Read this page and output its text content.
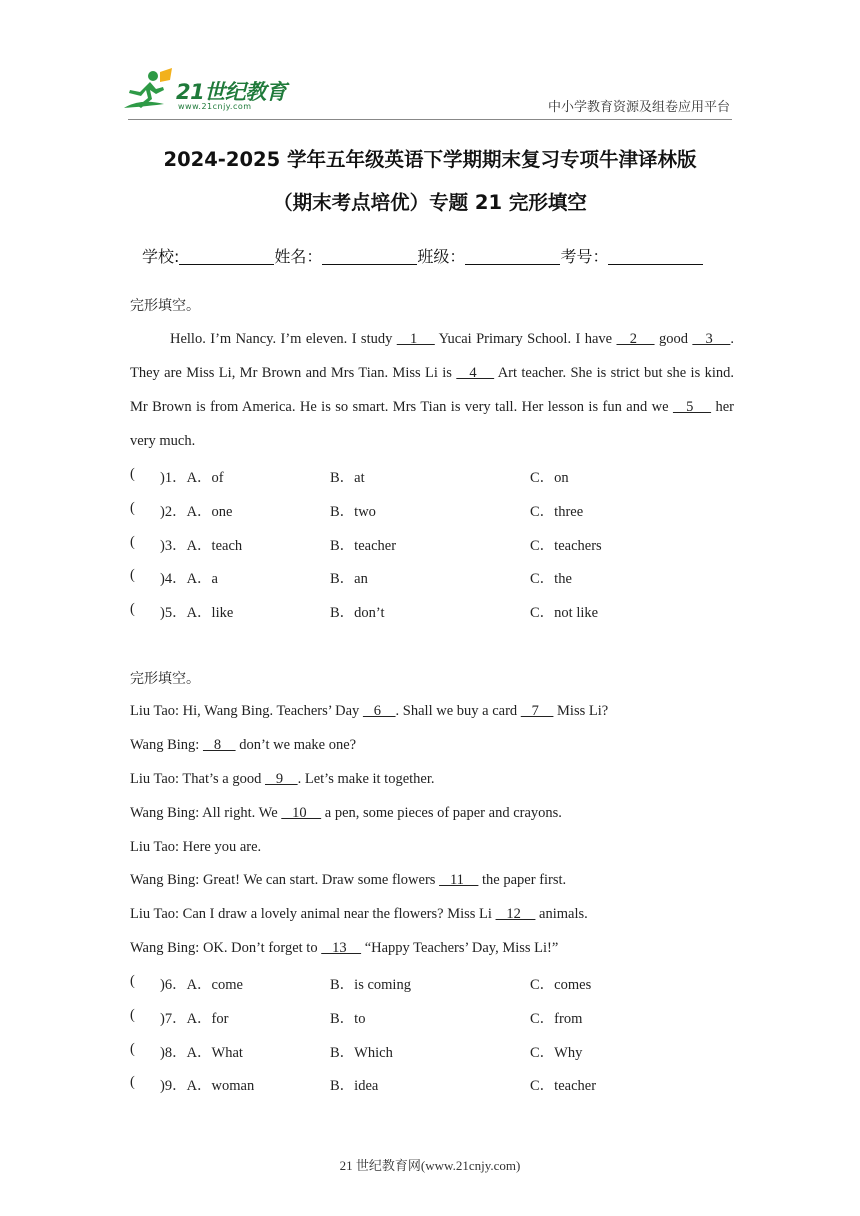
21世纪教育
www.21cnjy.com	中小学教育资源及组卷应用平台
2024-2025 学年五年级英语下学期期末复习专项牛津译林版
（期末考点培优）专题 21 完形填空
学校:	姓名：	班级：	考号：
完形填空。
Hello. I’m Nancy. I’m eleven. I study    1     Yucai Primary School. I have    2     good    3    . They are Miss Li, Mr Brown and Mrs Tian. Miss Li is    4     Art teacher. She is strict but she is kind. Mr Brown is from America. He is so smart. Mrs Tian is very tall. Her lesson is fun and we    5     her very much.
( )1．A．of	B．at	C．on
( )2．A．one	B．two	C．three
( )3．A．teach	B．teacher	C．teachers
( )4．A．a	B．an	C．the
( )5．A．like	B．don’t	C．not like
完形填空。
Liu Tao: Hi, Wang Bing. Teachers’ Day    6    . Shall we buy a card    7     Miss Li?
Wang Bing:    8     don’t we make one?
Liu Tao: That’s a good    9    . Let’s make it together.
Wang Bing: All right. We    10     a pen, some pieces of paper and crayons.
Liu Tao: Here you are.
Wang Bing: Great! We can start. Draw some flowers    11     the paper first.
Liu Tao: Can I draw a lovely animal near the flowers? Miss Li    12     animals.
Wang Bing: OK. Don’t forget to    13     “Happy Teachers’ Day, Miss Li!”
( )6．A．come	B．is coming	C．comes
( )7．A．for	B．to	C．from
( )8．A．What	B．Which	C．Why
( )9．A．woman	B．idea	C．teacher
21 世纪教育网(www.21cnjy.com)
